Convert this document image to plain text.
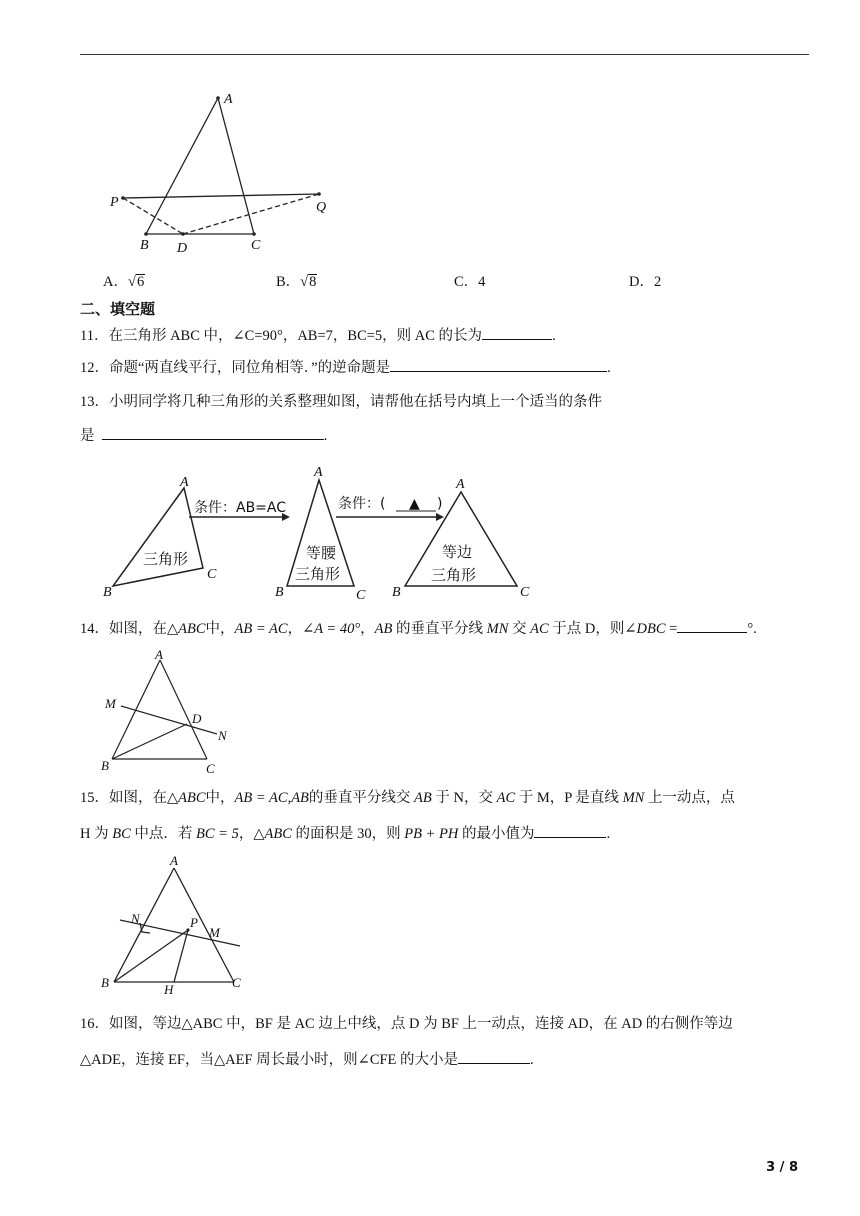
A
P	Q
B D	C
A．√6	B．√8	C．4	D．2
二、填空题
11．在三角形 ABC 中，∠C=90°，AB=7，BC=5，则 AC 的长为	.
12．命题“两直线平行，同位角相等．”的逆命题是	.
13．小明同学将几种三角形的关系整理如图，请帮他在括号内填上一个适当的条件
是	.
三角形	等腰
三角形
等边
三角形
条件：AB=AC	条件：( ▲ )
A
B
C
A
B	C
A
B	C
14．如图，在△ABC中，AB = AC，∠A = 40°，AB 的垂直平分线 MN 交 AC 于点 D，则∠DBC =	°.
A
M
D
N
B	C
15．如图，在△ABC中，AB = AC,AB的垂直平分线交 AB 于 N，交 AC 于 M，P 是直线 MN 上一动点，点
H 为 BC 中点．若 BC = 5，△ABC 的面积是 30，则 PB + PH 的最小值为	.
A
N	P
M
B	H	C
16．如图，等边△ABC 中，BF 是 AC 边上中线，点 D 为 BF 上一动点，连接 AD，在 AD 的右侧作等边
△ADE，连接 EF，当△AEF 周长最小时，则∠CFE 的大小是	.
3 / 8
